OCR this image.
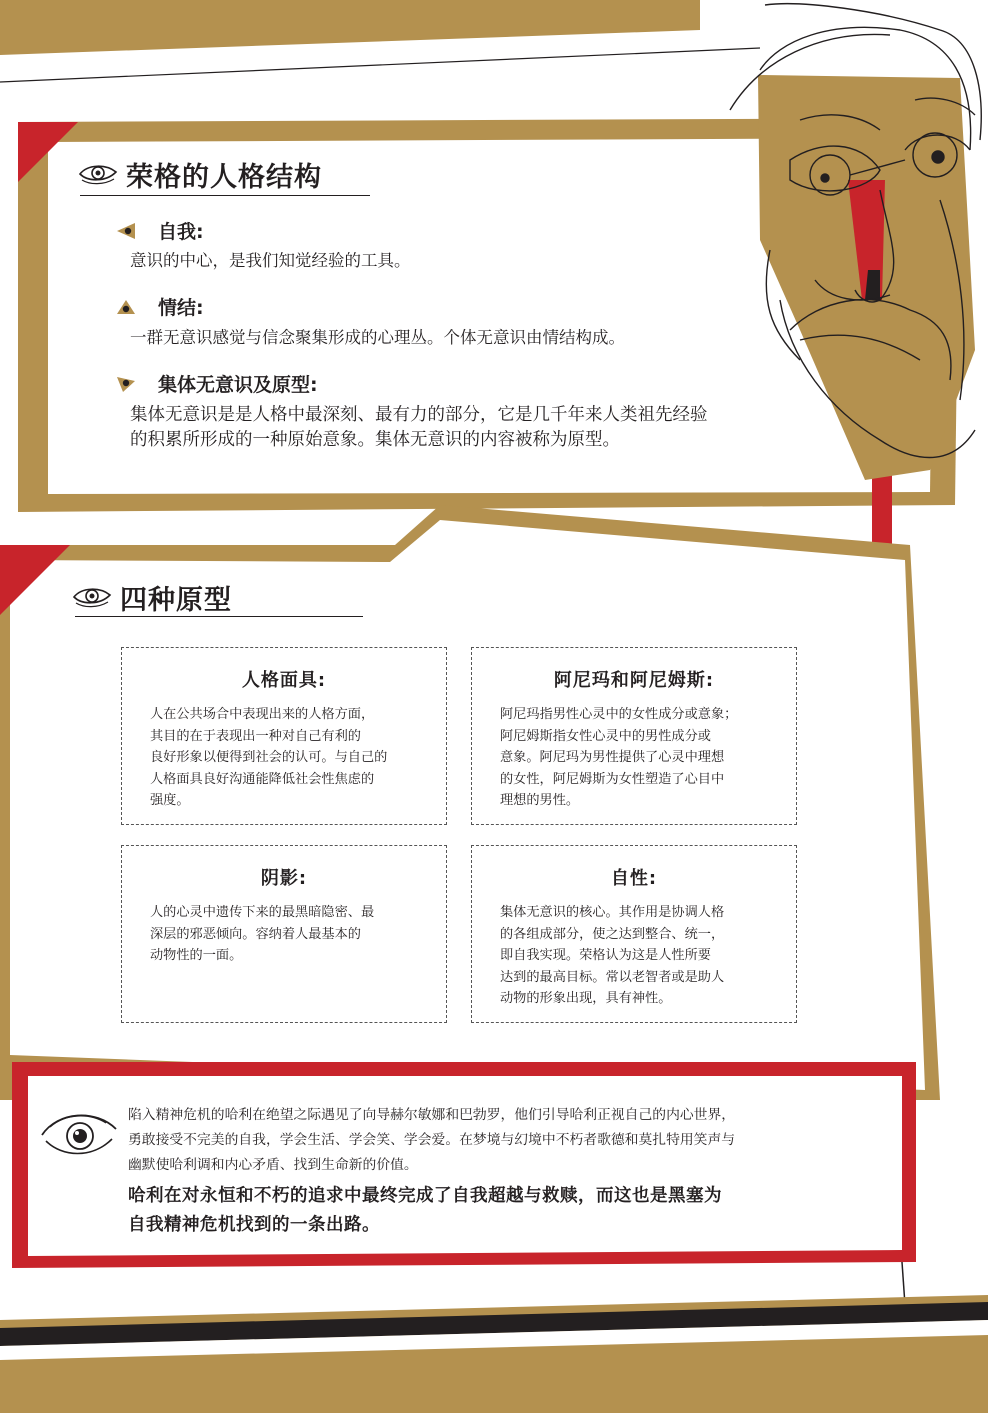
荣格的人格结构
自我:
意识的中心，是我们知觉经验的工具。
情结:
一群无意识感觉与信念聚集形成的心理丛。个体无意识由情结构成。
集体无意识及原型:
集体无意识是是人格中最深刻、最有力的部分，它是几千年来人类祖先经验
的积累所形成的一种原始意象。集体无意识的内容被称为原型。
四种原型
人格面具:
人在公共场合中表现出来的人格方面，
其目的在于表现出一种对自己有利的
良好形象以便得到社会的认可。与自己的
人格面具良好沟通能降低社会性焦虑的
强度。
阿尼玛和阿尼姆斯:
阿尼玛指男性心灵中的女性成分或意象；
阿尼姆斯指女性心灵中的男性成分或
意象。阿尼玛为男性提供了心灵中理想
的女性，阿尼姆斯为女性塑造了心目中
理想的男性。
阴影:
人的心灵中遗传下来的最黑暗隐密、最
深层的邪恶倾向。容纳着人最基本的
动物性的一面。
自性:
集体无意识的核心。其作用是协调人格
的各组成部分，使之达到整合、统一，
即自我实现。荣格认为这是人性所要
达到的最高目标。常以老智者或是助人
动物的形象出现，具有神性。
陷入精神危机的哈利在绝望之际遇见了向导赫尔敏娜和巴勃罗，他们引导哈利正视自己的内心世界，
勇敢接受不完美的自我，学会生活、学会笑、学会爱。在梦境与幻境中不朽者歌德和莫扎特用笑声与
幽默使哈利调和内心矛盾、找到生命新的价值。
哈利在对永恒和不朽的追求中最终完成了自我超越与救赎，而这也是黑塞为
自我精神危机找到的一条出路。
